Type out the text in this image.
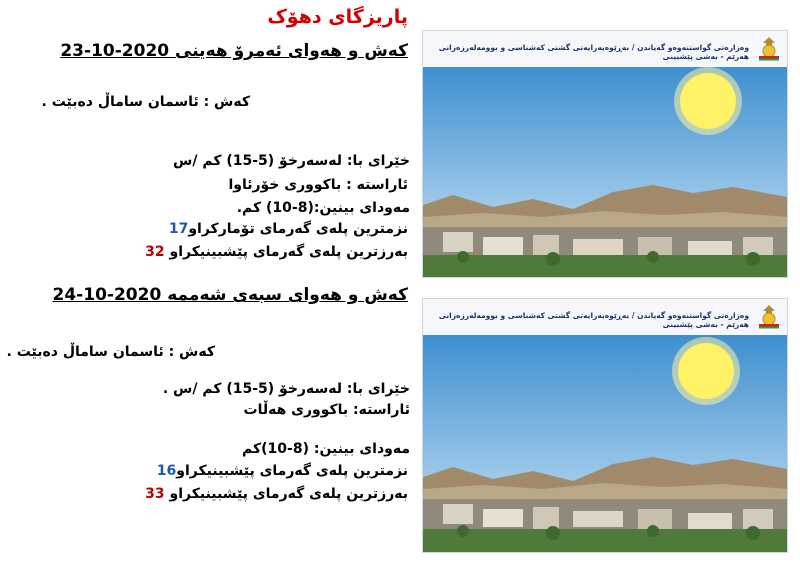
پاریزگای دهۆک
کەش و هەوای ئەمرۆ هەینی 2020-10-23
کەش : ئاسمان ساماڵ دەبێت .
خێرای با: لەسەرخۆ (5-15) کم /س
ئاراستە : باکووری خۆرئاوا
مەودای بینین:(8-10) کم.
نزمترین پلەی گەرمای تۆمارکراو17
بەرزترین پلەی گەرمای پێشبینیکراو 32
کەش و هەوای سبەی شەممە 2020-10-24
کەش : ئاسمان ساماڵ دەبێت .
خێرای با: لەسەرخۆ (5-15) کم /س .
ئاراستە: باکووری هەڵات
مەودای بینین: (8-10)کم
نزمترین پلەی گەرمای پێشبینیکراو16
بەرزترین پلەی گەرمای پێشبینیکراو 33
وەزارەتی گواستنەوەو گەیاندن / بەڕێوەبەرایەتی گشتی کەشناسی و بوومەلەرزەزانی هەرێم - بەشی پێشبینی
وەزارەتی گواستنەوەو گەیاندن / بەڕێوەبەرایەتی گشتی کەشناسی و بوومەلەرزەزانی هەرێم - بەشی پێشبینی
